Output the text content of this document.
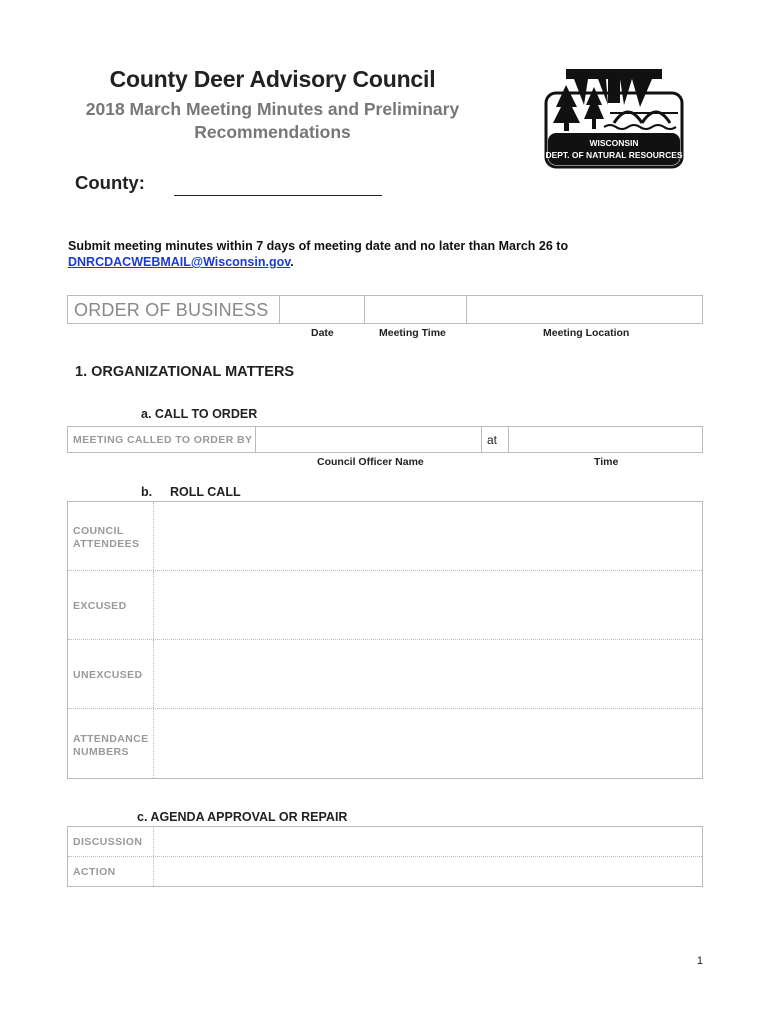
County Deer Advisory Council
2018 March Meeting Minutes and Preliminary
Recommendations
WISCONSIN
DEPT. OF NATURAL RESOURCES
County:
Submit meeting minutes within 7 days of meeting date and no later than March 26 to
DNRCDACWEBMAIL@Wisconsin.gov.
ORDER OF BUSINESS
Date	Meeting Time	Meeting Location
1. ORGANIZATIONAL MATTERS
a. CALL TO ORDER
MEETING CALLED TO ORDER BY	at
Council Officer Name	Time
b. ROLL CALL
COUNCIL
ATTENDEES
EXCUSED
UNEXCUSED
ATTENDANCE
NUMBERS
c. AGENDA APPROVAL OR REPAIR
DISCUSSION
ACTION
1
